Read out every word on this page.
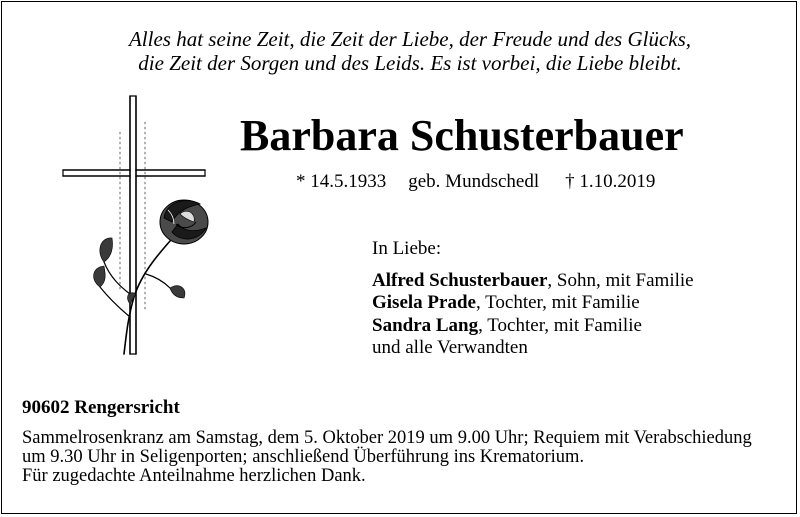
Alles hat seine Zeit, die Zeit der Liebe, der Freude und des Glücks,
die Zeit der Sorgen und des Leids. Es ist vorbei, die Liebe bleibt.
Barbara Schusterbauer
* 14.5.1933 geb. Mundschedl † 1.10.2019
In Liebe:
Alfred Schusterbauer, Sohn, mit Familie
Gisela Prade, Tochter, mit Familie
Sandra Lang, Tochter, mit Familie
und alle Verwandten
90602 Rengersricht
Sammelrosenkranz am Samstag, dem 5. Oktober 2019 um 9.00 Uhr; Requiem mit Verabschiedung
um 9.30 Uhr in Seligenporten; anschließend Überführung ins Krematorium.
Für zugedachte Anteilnahme herzlichen Dank.
